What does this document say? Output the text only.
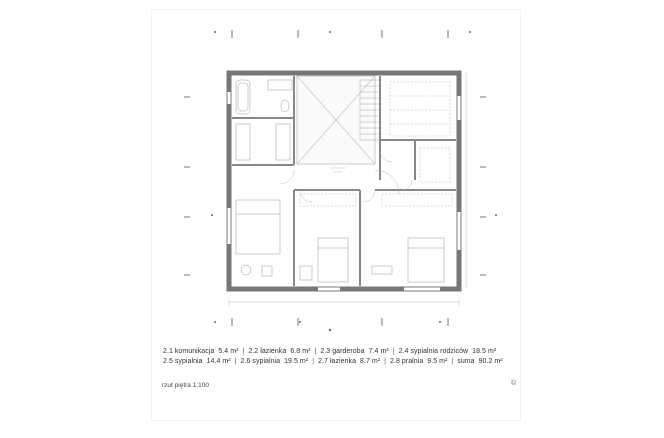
2.1 komunikacja 5.4 m²  |  2.2 łazienka 6.8 m²  |  2.3 garderoba 7.4 m²  |  2.4 sypialnia rodziców 18.5 m²
2.5 sypialnia 14.4 m²  |  2.6 sypialnia 19.5 m²  |  2.7 łazienka 8.7 m²  |  2.8 pralnia 9.5 m²  |  suma 90.2 m²
rzut piętra 1:100	©
